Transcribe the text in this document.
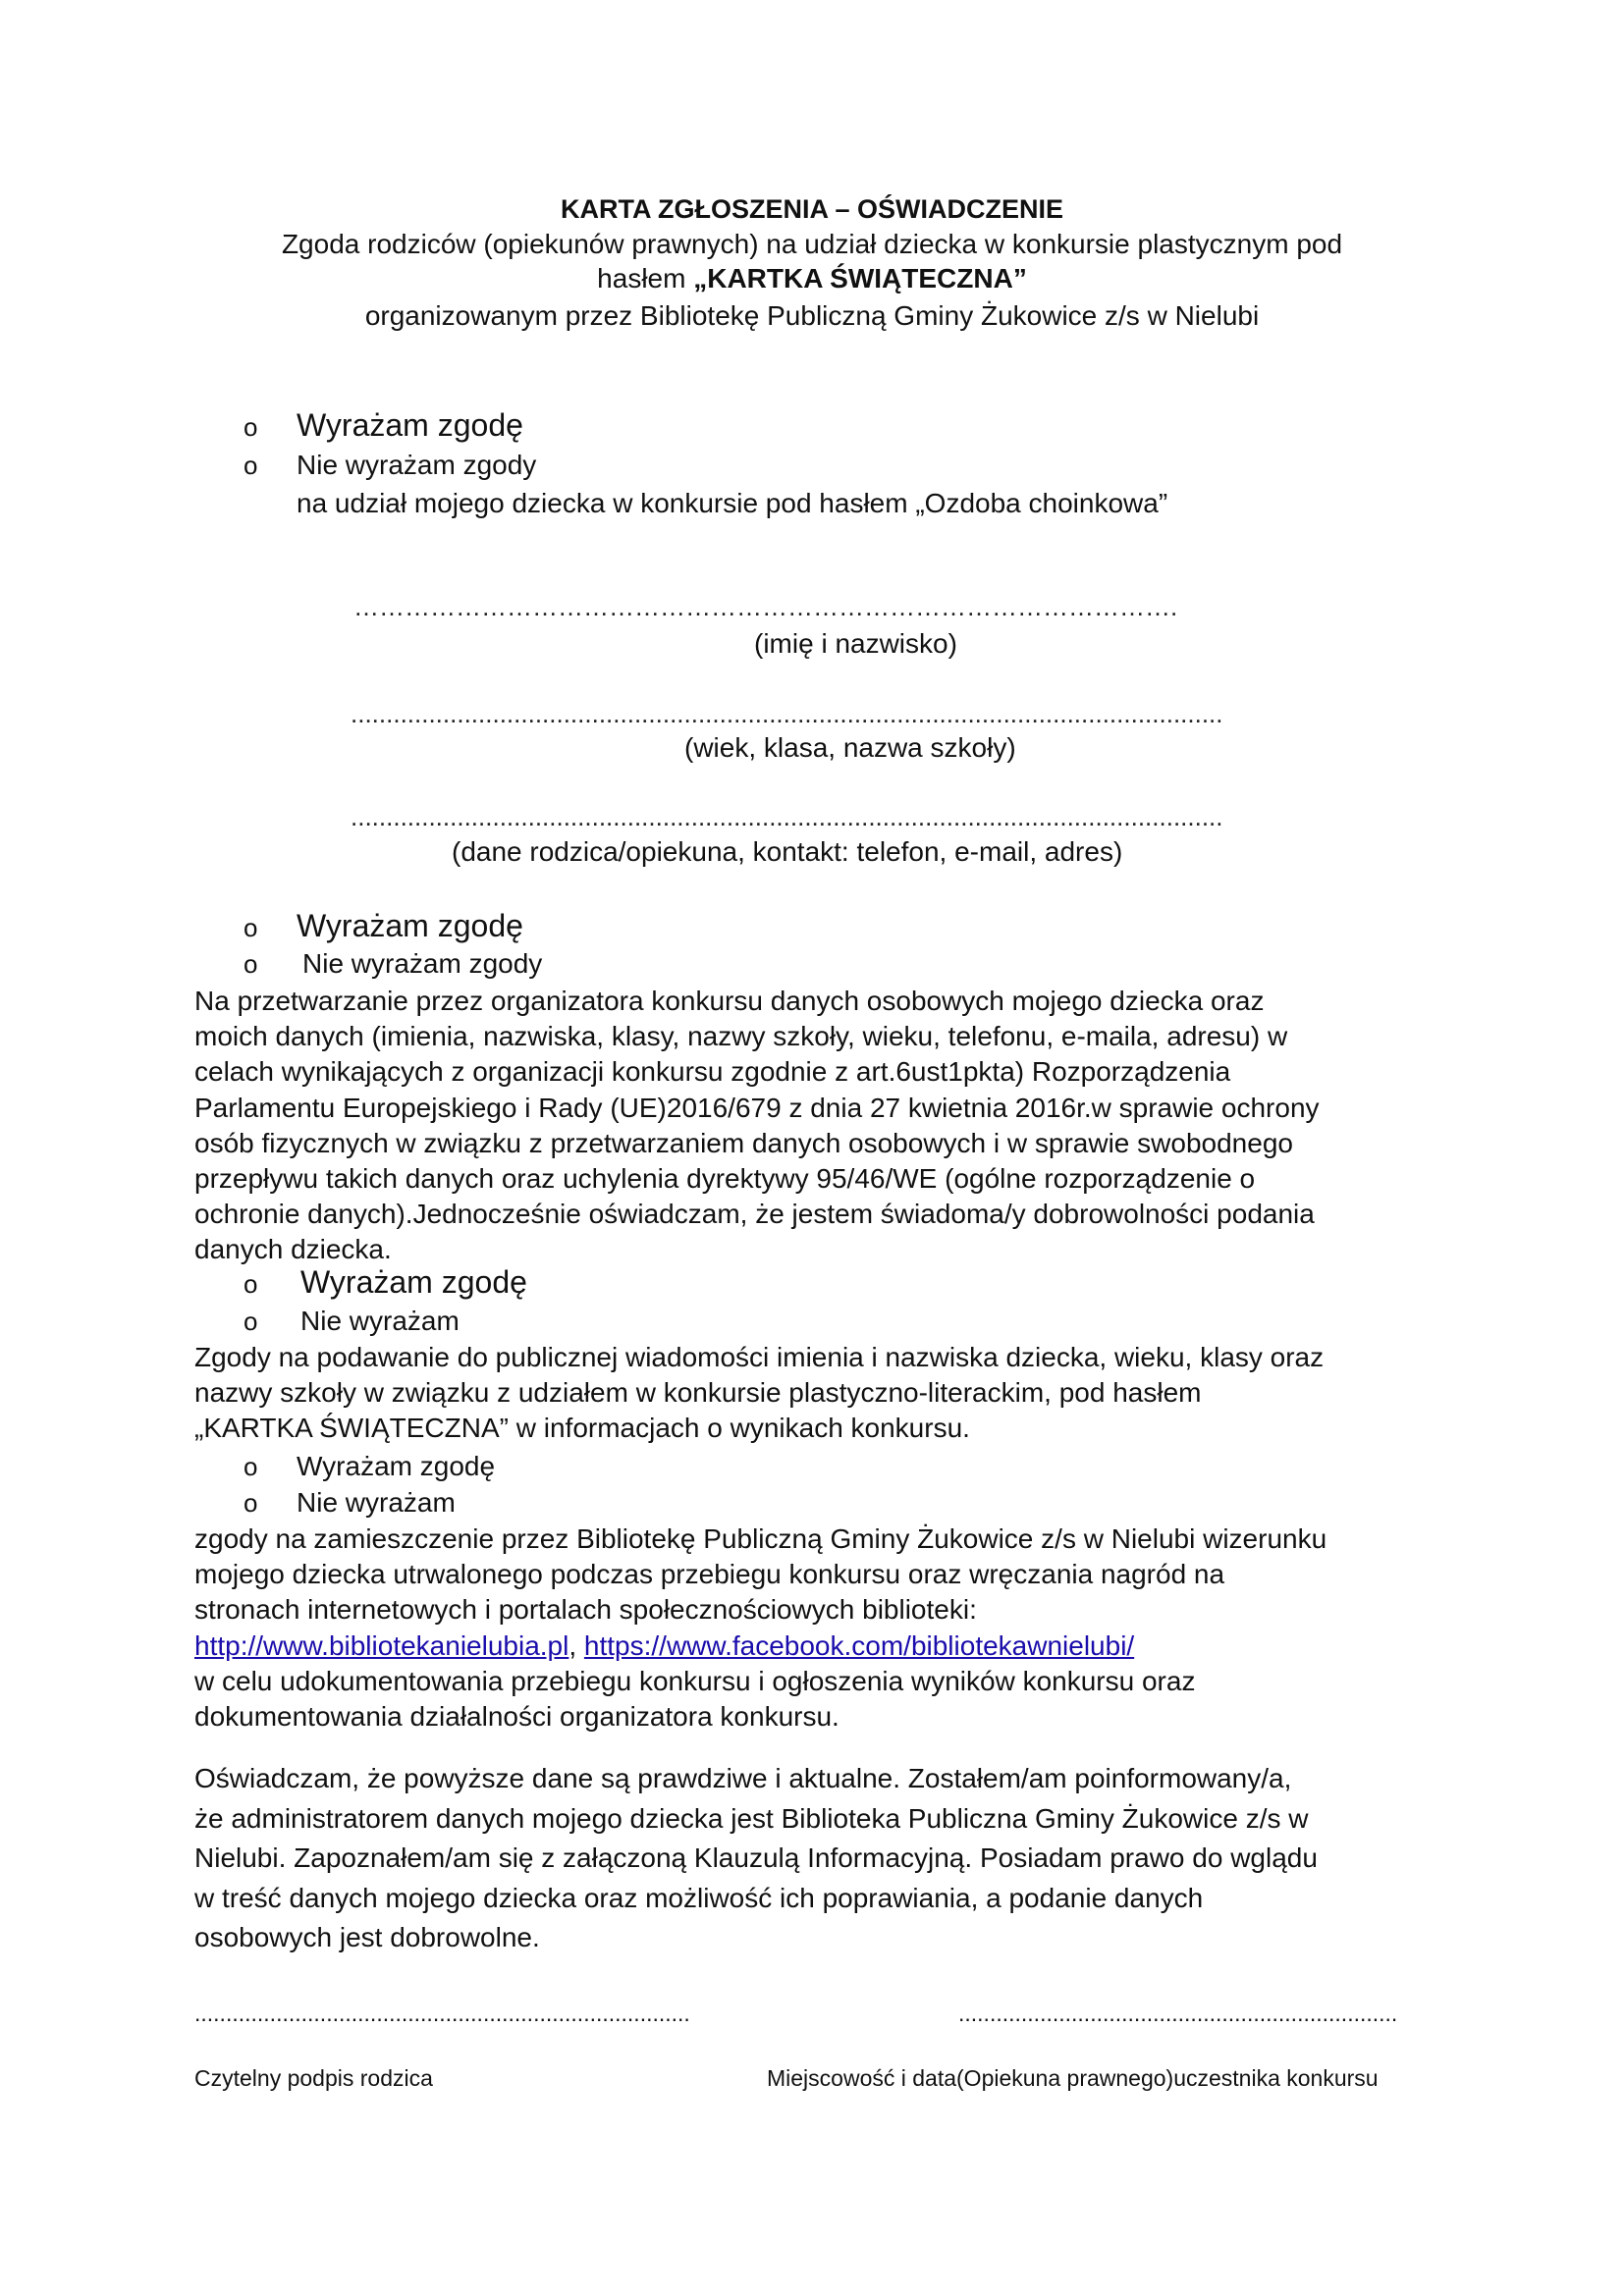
KARTA ZGŁOSZENIA – OŚWIADCZENIE
Zgoda rodziców (opiekunów prawnych) na udział dziecka w konkursie plastycznym pod
hasłem „KARTKA ŚWIĄTECZNA”
organizowanym przez Bibliotekę Publiczną Gminy Żukowice z/s w Nielubi
o Wyrażam zgodę
o Nie wyrażam zgody
na udział mojego dziecka w konkursie pod hasłem „Ozdoba choinkowa”
…………………………………………………………………………………….
(imię i nazwisko)
...........................................................................................................................
(wiek, klasa, nazwa szkoły)
...........................................................................................................................
(dane rodzica/opiekuna, kontakt: telefon, e-mail, adres)
o Wyrażam zgodę
o Nie wyrażam zgody
Na przetwarzanie przez organizatora konkursu danych osobowych mojego dziecka oraz
moich danych (imienia, nazwiska, klasy, nazwy szkoły, wieku, telefonu, e-maila, adresu) w
celach wynikających z organizacji konkursu zgodnie z art.6ust1pkta) Rozporządzenia
Parlamentu Europejskiego i Rady (UE)2016/679 z dnia 27 kwietnia 2016r.w sprawie ochrony
osób fizycznych w związku z przetwarzaniem danych osobowych i w sprawie swobodnego
przepływu takich danych oraz uchylenia dyrektywy 95/46/WE (ogólne rozporządzenie o
ochronie danych).Jednocześnie oświadczam, że jestem świadoma/y dobrowolności podania
danych dziecka.
o Wyrażam zgodę
o Nie wyrażam
Zgody na podawanie do publicznej wiadomości imienia i nazwiska dziecka, wieku, klasy oraz
nazwy szkoły w związku z udziałem w konkursie plastyczno-literackim, pod hasłem
„KARTKA ŚWIĄTECZNA” w informacjach o wynikach konkursu.
o Wyrażam zgodę
o Nie wyrażam
zgody na zamieszczenie przez Bibliotekę Publiczną Gminy Żukowice z/s w Nielubi wizerunku
mojego dziecka utrwalonego podczas przebiegu konkursu oraz wręczania nagród na
stronach internetowych i portalach społecznościowych biblioteki:
http://www.bibliotekanielubia.pl, https://www.facebook.com/bibliotekawnielubi/
w celu udokumentowania przebiegu konkursu i ogłoszenia wyników konkursu oraz
dokumentowania działalności organizatora konkursu.
Oświadczam, że powyższe dane są prawdziwe i aktualne. Zostałem/am poinformowany/a,
że administratorem danych mojego dziecka jest Biblioteka Publiczna Gminy Żukowice z/s w
Nielubi. Zapoznałem/am się z załączoną Klauzulą Informacyjną. Posiadam prawo do wglądu
w treść danych mojego dziecka oraz możliwość ich poprawiania, a podanie danych
osobowych jest dobrowolne.
...............................................................................	......................................................................
Czytelny podpis rodzica	Miejscowość i data(Opiekuna prawnego)uczestnika konkursu
